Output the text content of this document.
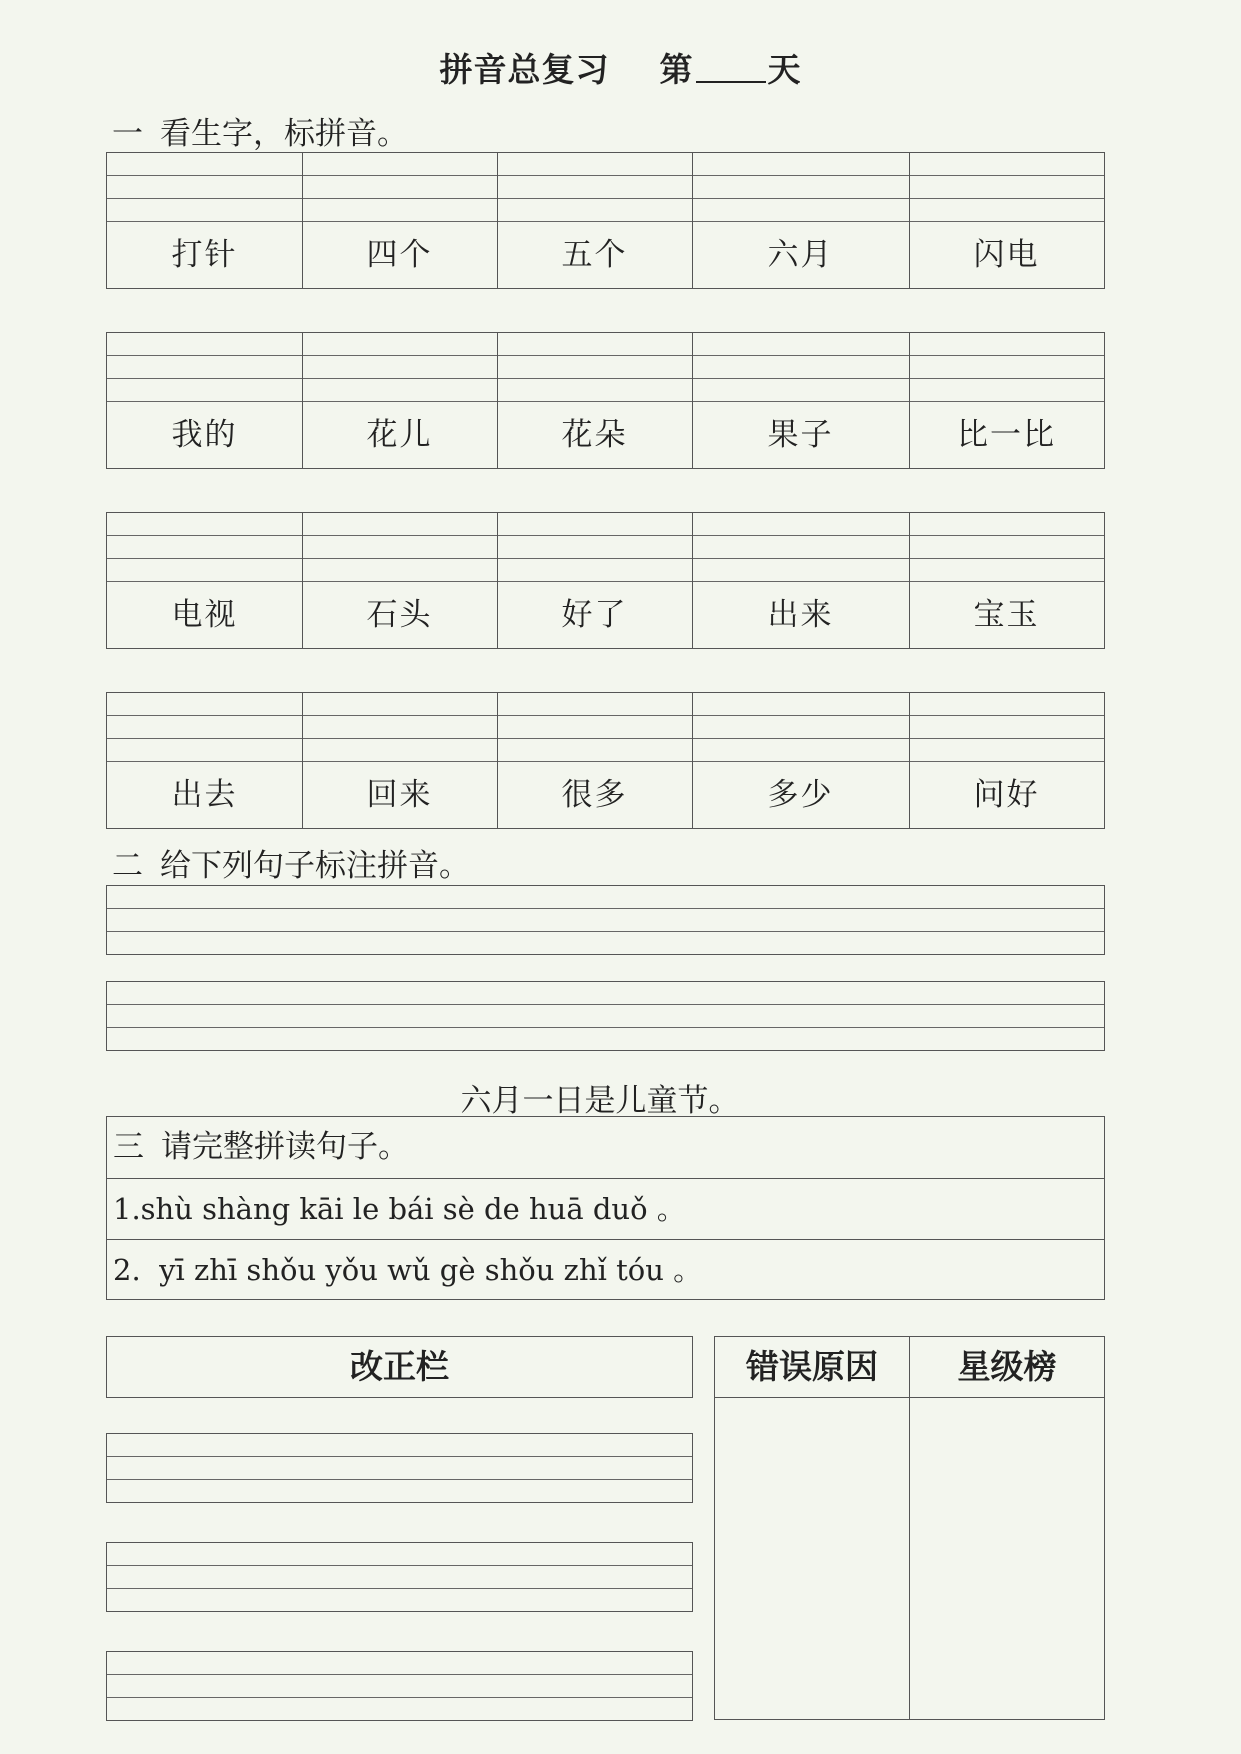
拼音总复习 第 天
一 看生字，标拼音。
打针	四个	五个	六月	闪电
我的	花儿	花朵	果子	比一比
电视	石头	好了	出来	宝玉
出去	回来	很多	多少	问好
二 给下列句子标注拼音。
六月一日是儿童节。
三 请完整拼读句子。
1.shù shàng kāi le bái sè de huā duǒ 。
2.  yī zhī shǒu yǒu wǔ gè shǒu zhǐ tóu 。
改正栏	错误原因	星级榜
